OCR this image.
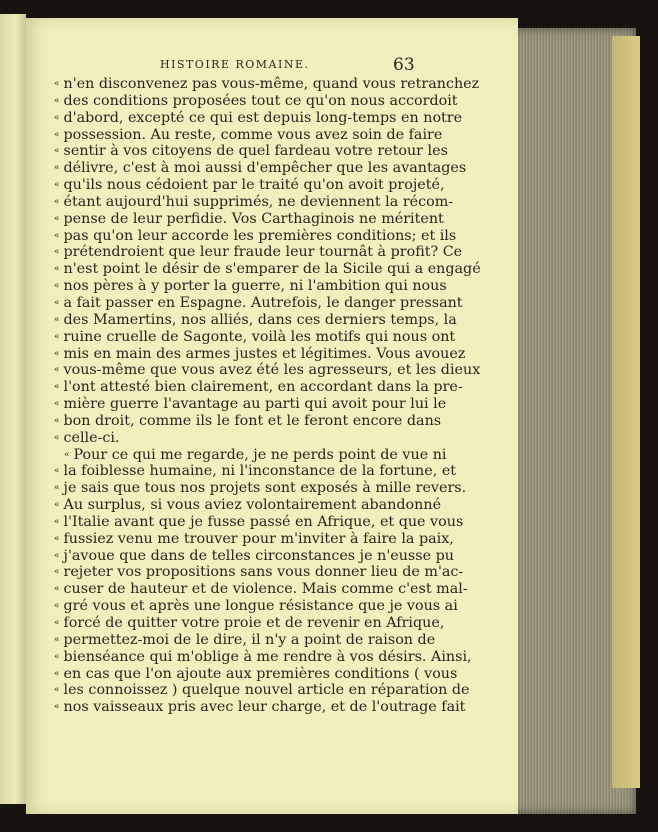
HISTOIRE ROMAINE.	63
« n'en disconvenez pas vous-même, quand vous retranchez
« des conditions proposées tout ce qu'on nous accordoit
« d'abord, excepté ce qui est depuis long-temps en notre
« possession. Au reste, comme vous avez soin de faire
« sentir à vos citoyens de quel fardeau votre retour les
« délivre, c'est à moi aussi d'empêcher que les avantages
« qu'ils nous cédoient par le traité qu'on avoit projeté,
« étant aujourd'hui supprimés, ne deviennent la récom-
« pense de leur perfidie. Vos Carthaginois ne méritent
« pas qu'on leur accorde les premières conditions; et ils
« prétendroient que leur fraude leur tournât à profit? Ce
« n'est point le désir de s'emparer de la Sicile qui a engagé
« nos pères à y porter la guerre, ni l'ambition qui nous
« a fait passer en Espagne. Autrefois, le danger pressant
« des Mamertins, nos alliés, dans ces derniers temps, la
« ruine cruelle de Sagonte, voilà les motifs qui nous ont
« mis en main des armes justes et légitimes. Vous avouez
« vous-même que vous avez été les agresseurs, et les dieux
« l'ont attesté bien clairement, en accordant dans la pre-
« mière guerre l'avantage au parti qui avoit pour lui le
« bon droit, comme ils le font et le feront encore dans
« celle-ci.
« Pour ce qui me regarde, je ne perds point de vue ni
« la foiblesse humaine, ni l'inconstance de la fortune, et
« je sais que tous nos projets sont exposés à mille revers.
« Au surplus, si vous aviez volontairement abandonné
« l'Italie avant que je fusse passé en Afrique, et que vous
« fussiez venu me trouver pour m'inviter à faire la paix,
« j'avoue que dans de telles circonstances je n'eusse pu
« rejeter vos propositions sans vous donner lieu de m'ac-
« cuser de hauteur et de violence. Mais comme c'est mal-
« gré vous et après une longue résistance que je vous ai
« forcé de quitter votre proie et de revenir en Afrique,
« permettez-moi de le dire, il n'y a point de raison de
« bienséance qui m'oblige à me rendre à vos désirs. Ainsi,
« en cas que l'on ajoute aux premières conditions ( vous
« les connoissez ) quelque nouvel article en réparation de
« nos vaisseaux pris avec leur charge, et de l'outrage fait
